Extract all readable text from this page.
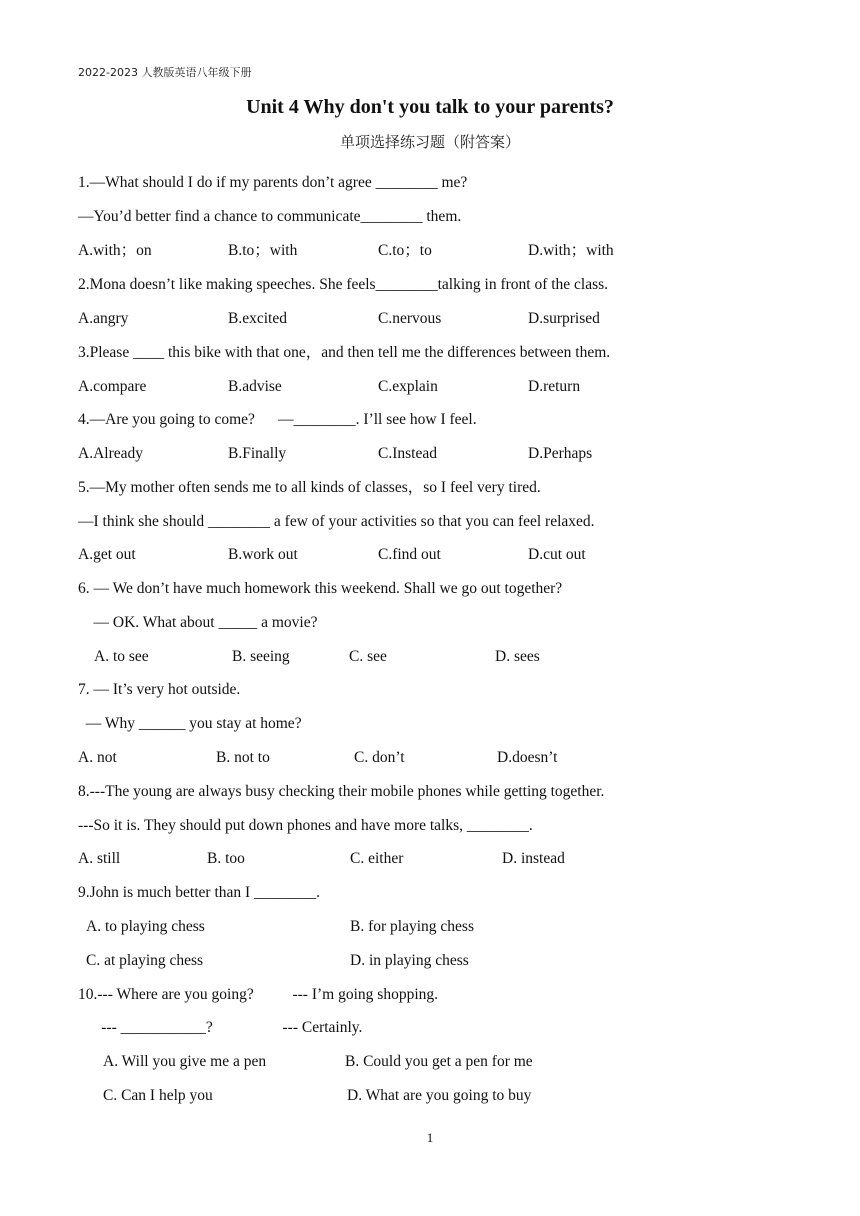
2022-2023 人教版英语八年级下册
Unit 4 Why don't you talk to your parents?
单项选择练习题（附答案）
1.—What should I do if my parents don’t agree ________ me?
—You’d better find a chance to communicate________ them.
A.with；on	B.to；with	C.to；to	D.with；with
2.Mona doesn’t like making speeches. She feels________talking in front of the class.
A.angry	B.excited	C.nervous	D.surprised
3.Please ____ this bike with that one，and then tell me the differences between them.
A.compare	B.advise	C.explain	D.return
4.—Are you going to come?      —________. I’ll see how I feel.
A.Already	B.Finally	C.Instead	D.Perhaps
5.—My mother often sends me to all kinds of classes，so I feel very tired.
—I think she should ________ a few of your activities so that you can feel relaxed.
A.get out	B.work out	C.find out	D.cut out
6. — We don’t have much homework this weekend. Shall we go out together?
— OK. What about _____ a movie?
A. to see	B. seeing	C. see	D. sees
7. — It’s very hot outside.
— Why ______ you stay at home?
A. not	B. not to	C. don’t	D.doesn’t
8.---The young are always busy checking their mobile phones while getting together.
---So it is. They should put down phones and have more talks, ________.
A. still	B. too	C. either	D. instead
9.John is much better than I ________.
A. to playing chess	B. for playing chess
C. at playing chess	D. in playing chess
10.--- Where are you going?          --- I’m going shopping.
--- ___________?                  --- Certainly.
A. Will you give me a pen	B. Could you get a pen for me
C. Can I help you	D. What are you going to buy
1
